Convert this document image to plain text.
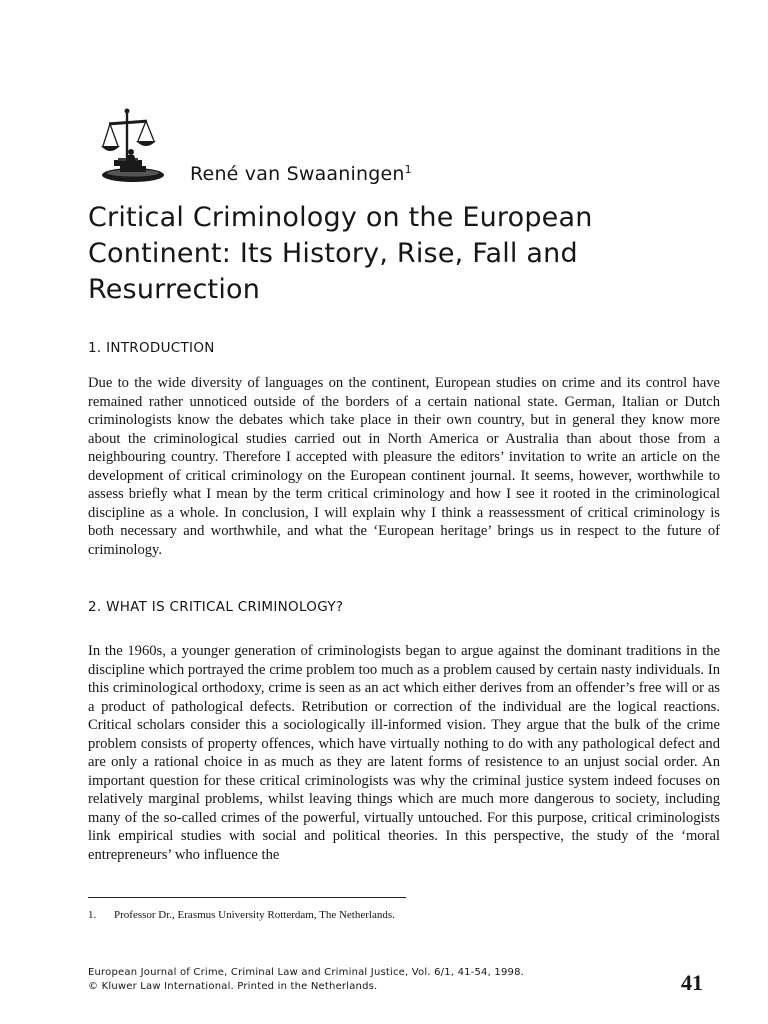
René van Swaaningen$^1$

Critical Criminology on the European Continent: Its History, Rise, Fall and Resurrection
1. INTRODUCTION

Due to the wide diversity of languages on the continent, European studies on crime and its control have remained rather unnoticed outside of the borders of a certain national state. German, Italian or Dutch criminologists know the debates which take place in their own country, but in general they know more about the criminological studies carried out in North America or Australia than about those from a neighbouring country. Therefore I accepted with pleasure the editors’ invitation to write an article on the development of critical criminology on the European continent journal. It seems, however, worthwhile to assess briefly what I mean by the term critical criminology and how I see it rooted in the criminological discipline as a whole. In conclusion, I will explain why I think a reassessment of critical criminology is both necessary and worthwhile, and what the ‘European heritage’ brings us in respect to the future of criminology.

2. WHAT IS CRITICAL CRIMINOLOGY?

In the 1960s, a younger generation of criminologists began to argue against the dominant traditions in the discipline which portrayed the crime problem too much as a problem caused by certain nasty individuals. In this criminological orthodoxy, crime is seen as an act which either derives from an offender’s free will or as a product of pathological defects. Retribution or correction of the individual are the logical reactions. Critical scholars consider this a sociologically ill-informed vision. They argue that the bulk of the crime problem consists of property offences, which have virtually nothing to do with any pathological defect and are only a rational choice in as much as they are latent forms of resistence to an unjust social order. An important question for these critical criminologists was why the criminal justice system indeed focuses on relatively marginal problems, whilst leaving things which are much more dangerous to society, including many of the so-called crimes of the powerful, virtually untouched. For this purpose, critical criminologists link empirical studies with social and political theories. In this perspective, the study of the ‘moral entrepreneurs’ who influence the

1. Professor Dr., Erasmus University Rotterdam, The Netherlands.

European Journal of Crime, Criminal Law and Criminal Justice, Vol. 6/1, 41-54, 1998.
© Kluwer Law International. Printed in the Netherlands.	41
